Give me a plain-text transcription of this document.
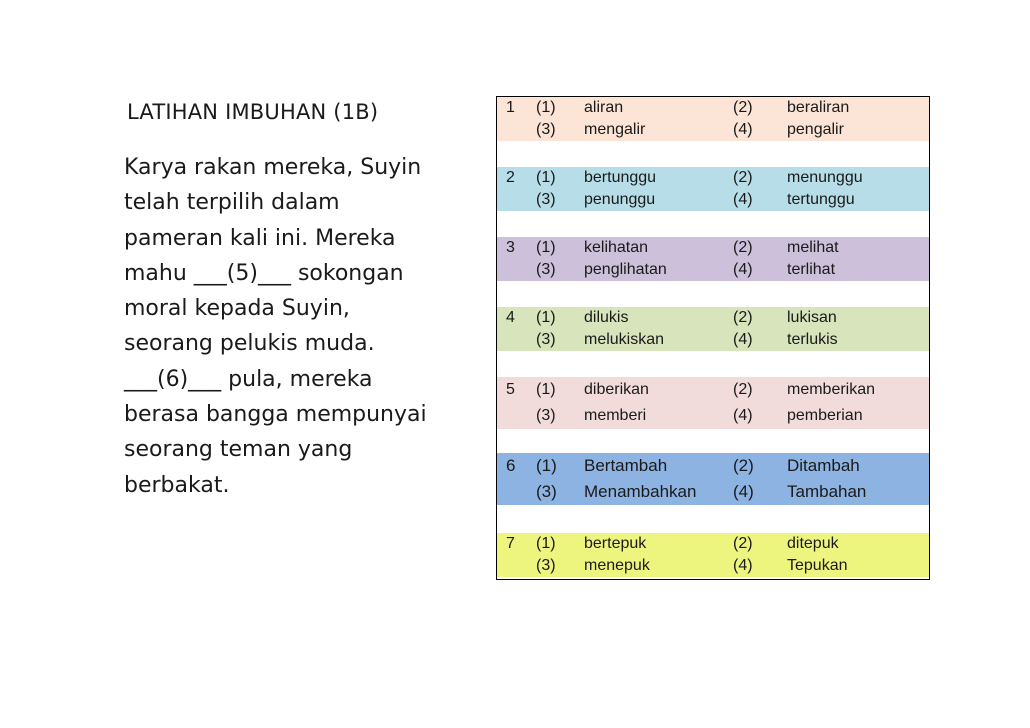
LATIHAN IMBUHAN (1B)
Karya rakan mereka, Suyin
telah terpilih dalam
pameran kali ini. Mereka
mahu ___(5)___ sokongan
moral kepada Suyin,
seorang pelukis muda.
___(6)___ pula, mereka
berasa bangga mempunyai
seorang teman yang
berbakat.
1 (1) aliran	(2) beraliran
(3) mengalir	(4) pengalir
2 (1) bertunggu	(2) menunggu
(3) penunggu	(4) tertunggu
3 (1) kelihatan	(2) melihat
(3) penglihatan	(4) terlihat
4 (1) dilukis	(2) lukisan
(3) melukiskan	(4) terlukis
5 (1) diberikan	(2) memberikan
(3) memberi	(4) pemberian
6 (1) Bertambah	(2) Ditambah
(3) Menambahkan (4) Tambahan
7 (1) bertepuk	(2) ditepuk
(3) menepuk	(4) Tepukan
